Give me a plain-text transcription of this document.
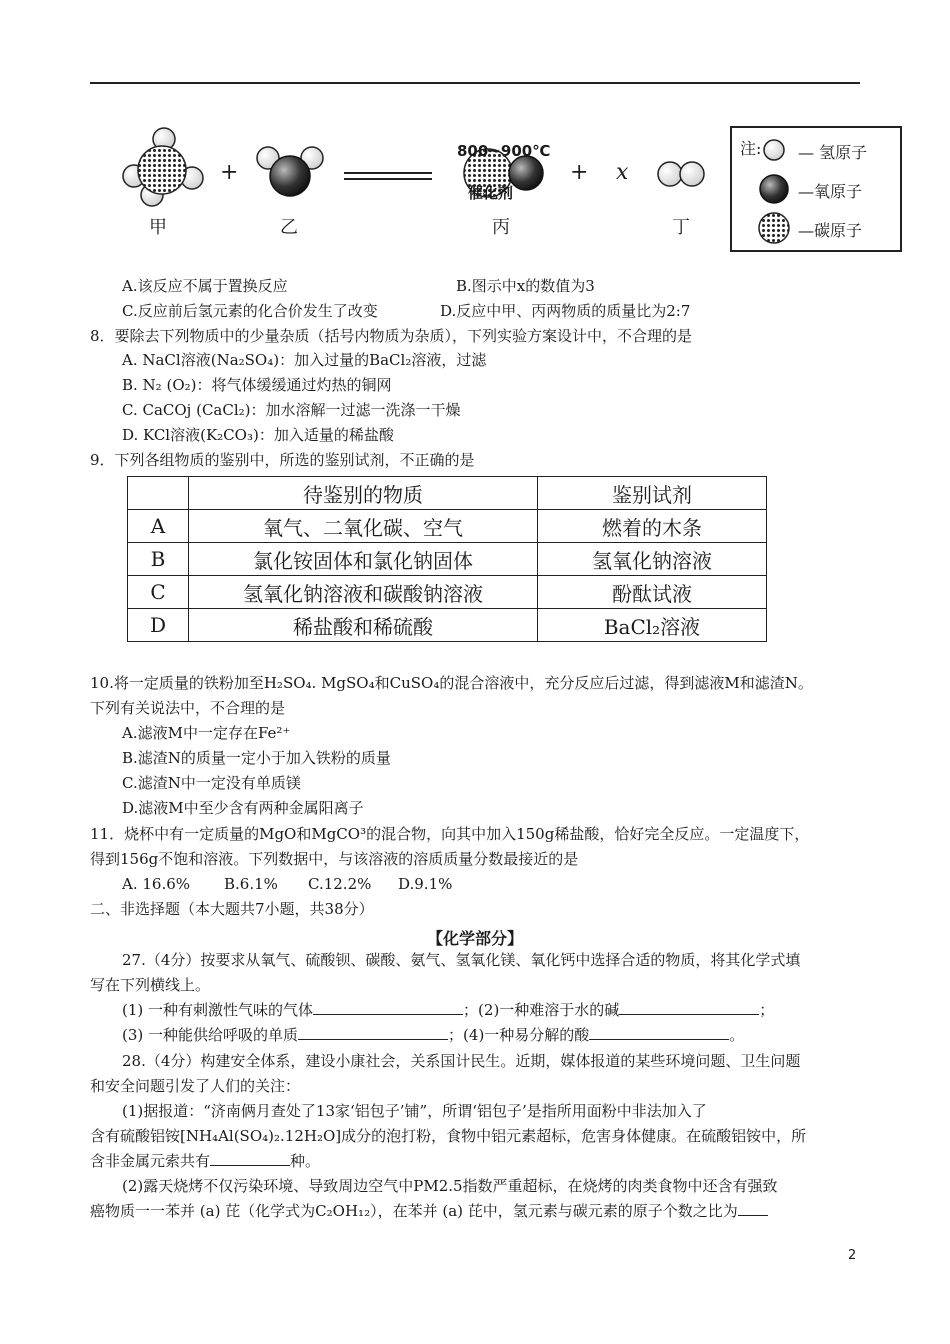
甲
+
乙
800~900℃
催化剂
丙
+ x
丁
注: — 氢原子
—氧原子
—碳原子
A.该反应不属于置换反应	B.图示中x的数值为3
C.反应前后氢元素的化合价发生了改变	D.反应中甲、丙两物质的质量比为2:7
8．要除去下列物质中的少量杂质（括号内物质为杂质），下列实验方案设计中，不合理的是
A. NaCl溶液(Na₂SO₄)：加入过量的BaCl₂溶液，过滤
B. N₂ (O₂)：将气体缓缓通过灼热的铜网
C. CaCOj (CaCl₂)：加水溶解一过滤一洗涤一干燥
D. KCl溶液(K₂CO₃)：加入适量的稀盐酸
9．下列各组物质的鉴别中，所选的鉴别试剂，不正确的是
	待鉴别的物质	鉴别试剂
A	氧气、二氧化碳、空气	燃着的木条
B	氯化铵固体和氯化钠固体	氢氧化钠溶液
C	氢氧化钠溶液和碳酸钠溶液	酚酞试液
D	稀盐酸和稀硫酸	BaCl₂溶液
10.将一定质量的铁粉加至H₂SO₄. MgSO₄和CuSO₄的混合溶液中，充分反应后过滤，得到滤液M和滤渣N。
下列有关说法中，不合理的是
A.滤液M中一定存在Fe²⁺
B.滤渣N的质量一定小于加入铁粉的质量
C.滤渣N中一定没有单质镁
D.滤液M中至少含有两种金属阳离子
11．烧杯中有一定质量的MgO和MgCO³的混合物，向其中加入150g稀盐酸，恰好完全反应。一定温度下，
得到156g不饱和溶液。下列数据中，与该溶液的溶质质量分数最接近的是
A. 16.6% B.6.1% C.12.2% D.9.1%
二、非选择题（本大题共7小题，共38分）
【化学部分】
27.（4分）按要求从氧气、硫酸钡、碳酸、氨气、氢氧化镁、氧化钙中选择合适的物质，将其化学式填
写在下列横线上。
(1) 一种有刺激性气味的气体	；(2)一种难溶于水的碱	；
(3) 一种能供给呼吸的单质	；(4)一种易分解的酸	。
28.（4分）构建安全体系，建设小康社会，关系国计民生。近期，媒体报道的某些环境问题、卫生问题
和安全问题引发了人们的关注：
(1)据报道：“济南俩月查处了13家‘铝包子’铺”，所谓‘铝包子’是指所用面粉中非法加入了
含有硫酸铝铵[NH₄Al(SO₄)₂.12H₂O]成分的泡打粉，食物中铝元素超标，危害身体健康。在硫酸铝铵中，所
含非金属元索共有	种。
(2)露天烧烤不仅污染环境、导致周边空气中PM2.5指数严重超标，在烧烤的肉类食物中还含有强致
癌物质一一苯并 (a) 芘（化学式为C₂OH₁₂），在苯并 (a) 芘中，氢元素与碳元素的原子个数之比为
2
